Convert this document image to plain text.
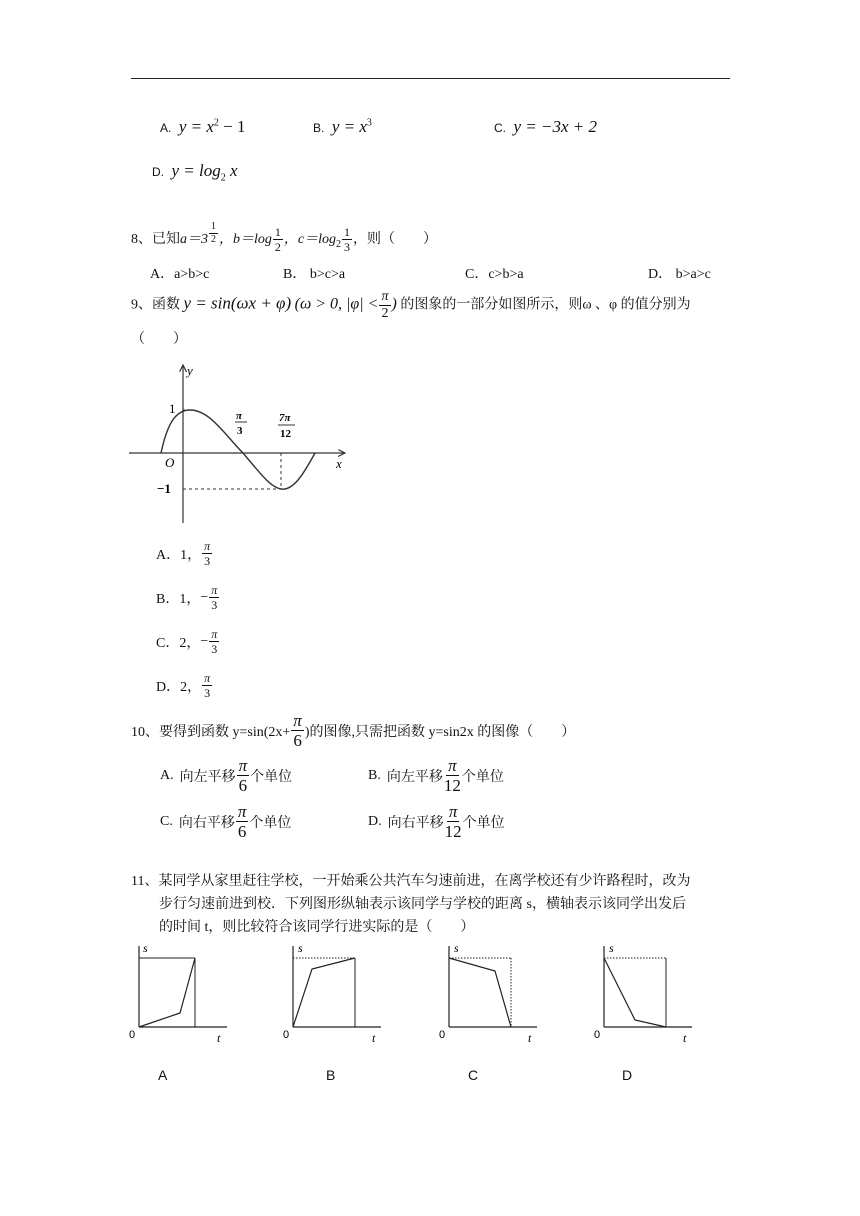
A. $y = x^2 - 1$	B. $y = x^3$	C. y = −3x + 2
D. $y = \log_2 x$
8、已知$a=3 \frac{1}{2}$ ，$b=\log \frac{1}{2}$ ，$c=\log_2 \frac{1}{3}$ ，则（　　）
A．a>b>c	B． b>c>a	C．c>b>a	D． b>a>c
9、函数 y = sin(ωx + φ) (ω > 0, $|\varphi| < \frac{\pi}{2}$ ) 的图象的一部分如图所示，则ω 、φ 的值分别为
（　　）
y
x
O
1
−1
π
3
7π
12
A． 1， $\frac{\pi}{3}$
B． 1， − $\frac{\pi}{3}$
C． 2， − $\frac{\pi}{3}$
D． 2， $\frac{\pi}{3}$
10、要得到函数 $y=\sin(2x+ \frac{\pi}{6}$ )的图像,只需把函数 y=sin2x 的图像（　　）
A. 向左平移 $\frac{\pi}{6}$ 个单位	B. 向左平移 $\frac{\pi}{12}$ 个单位
C. 向右平移 $\frac{\pi}{6}$ 个单位	D. 向右平移 $\frac{\pi}{12}$ 个单位
11、某同学从家里赶往学校，一开始乘公共汽车匀速前进，在离学校还有少许路程时，改为
步行匀速前进到校．下列图形纵轴表示该同学与学校的距离 s，横轴表示该同学出发后
的时间 t，则比较符合该同学行进实际的是（　　）
s
t
0
A
s
t
0
B
s
t
0
C
s
t
0
D
